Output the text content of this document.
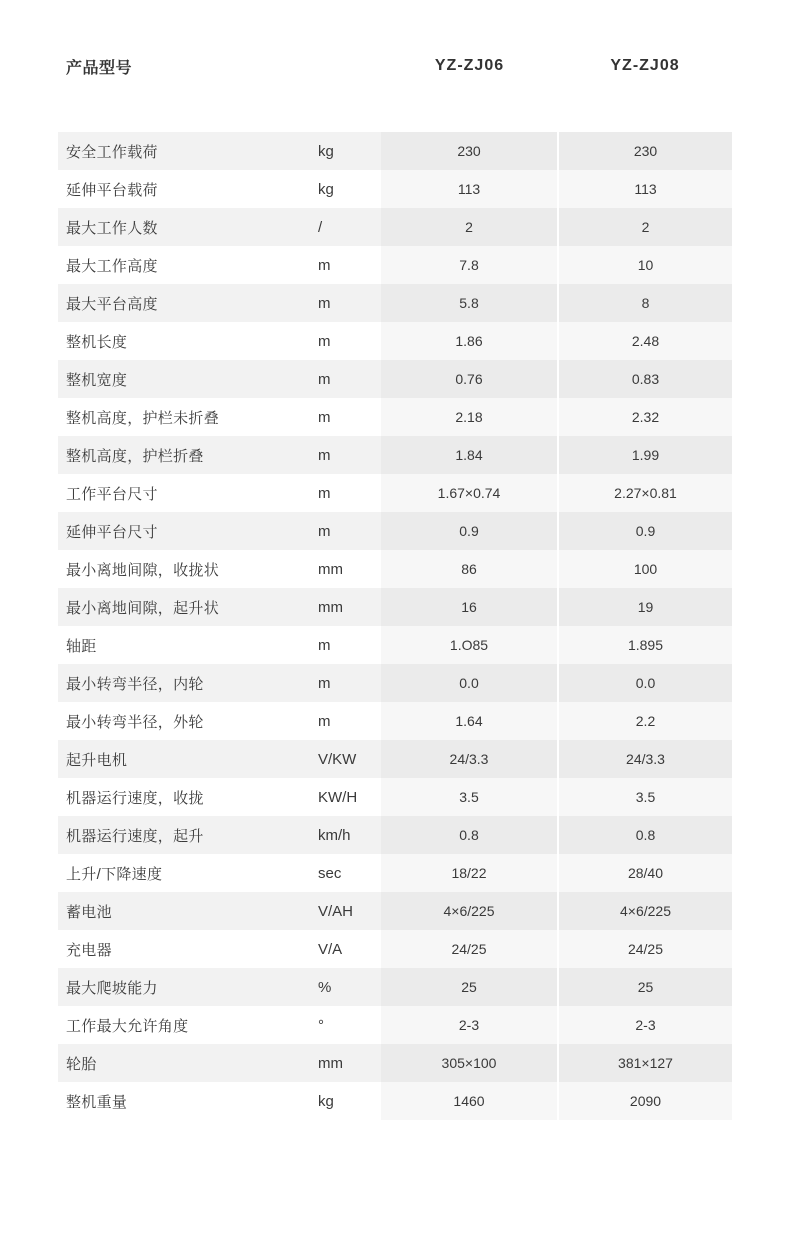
产品型号		YZ-ZJ06	YZ-ZJ08
安全工作载荷	kg	230	230
延伸平台载荷	kg	113	113
最大工作人数	/	2	2
最大工作高度	m	7.8	10
最大平台高度	m	5.8	8
整机长度	m	1.86	2.48
整机宽度	m	0.76	0.83
整机高度，护栏未折叠	m	2.18	2.32
整机高度，护栏折叠	m	1.84	1.99
工作平台尺寸	m	1.67×0.74	2.27×0.81
延伸平台尺寸	m	0.9	0.9
最小离地间隙，收拢状	mm	86	100
最小离地间隙，起升状	mm	16	19
轴距	m	1.O85	1.895
最小转弯半径，内轮	m	0.0	0.0
最小转弯半径，外轮	m	1.64	2.2
起升电机	V/KW	24/3.3	24/3.3
机器运行速度，收拢	KW/H	3.5	3.5
机器运行速度，起升	km/h	0.8	0.8
上升/下降速度	sec	18/22	28/40
蓄电池	V/AH	4×6/225	4×6/225
充电器	V/A	24/25	24/25
最大爬坡能力	%	25	25
工作最大允许角度	°	2-3	2-3
轮胎	mm	305×100	381×127
整机重量	kg	1460	2090
